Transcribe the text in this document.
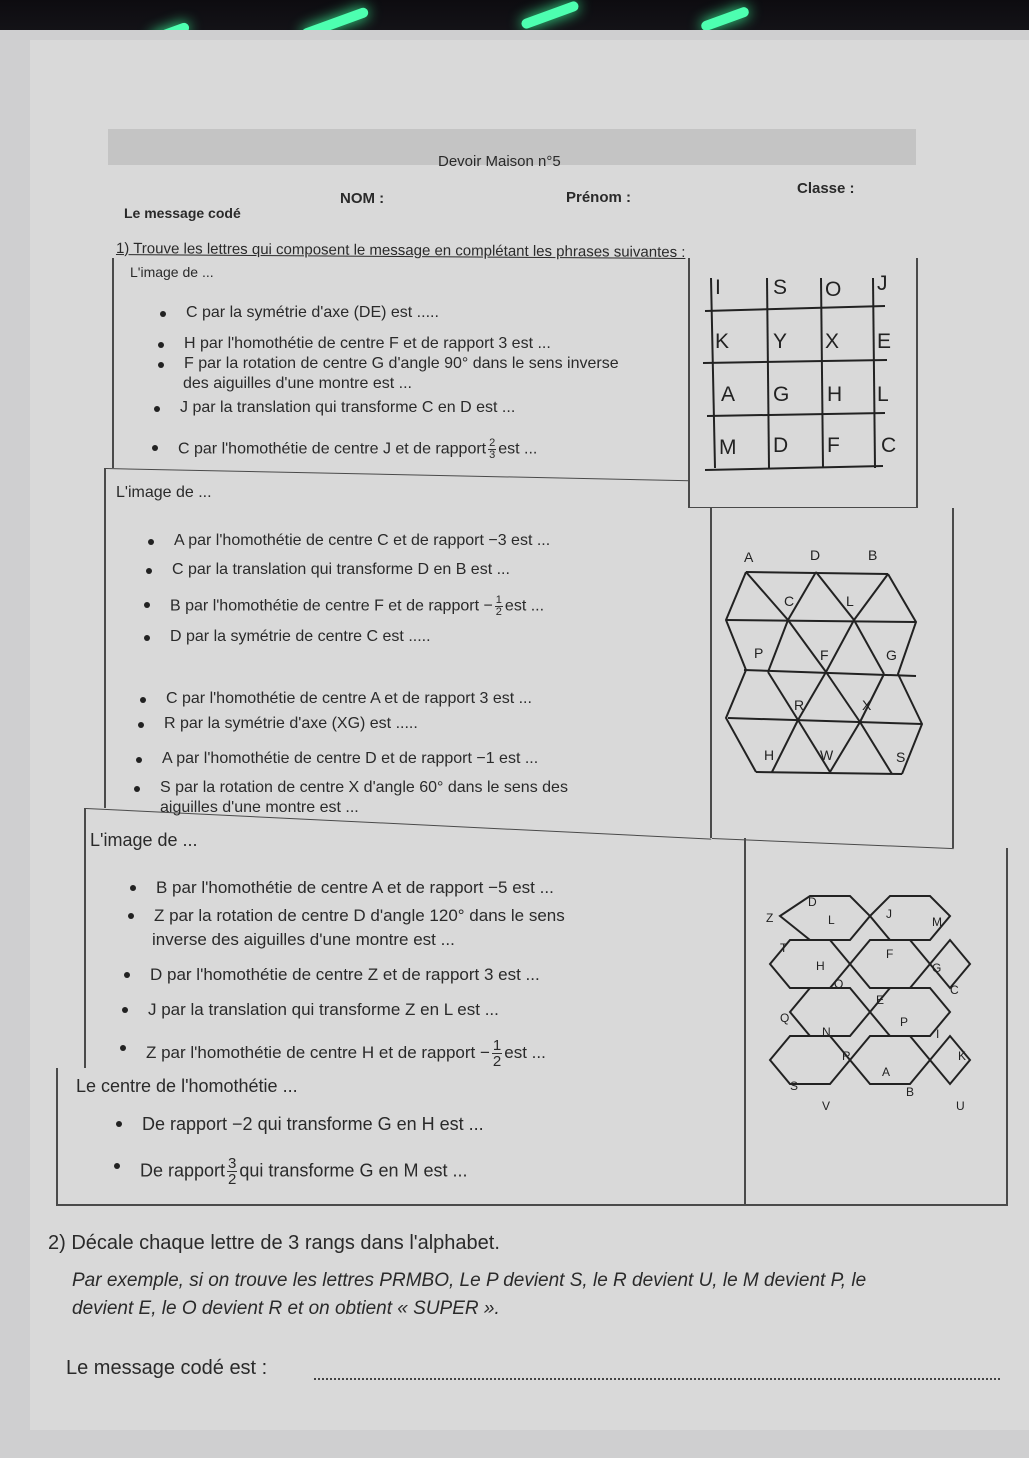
Devoir Maison n°5
NOM :	Prénom :
Classe :
Le message codé
1) Trouve les lettres qui composent le message en complétant les phrases suivantes :
L'image de ...
C par la symétrie d'axe (DE) est .....
H par l'homothétie de centre F et de rapport 3 est ...
F par la rotation de centre G d'angle 90° dans le sens inverse
des aiguilles d'une montre est ...
J par la translation qui transforme C en D est ...
C par l'homothétie de centre J et de rapport $\frac{2}{3}$ est ...
I S O J
K Y X E
A G H L
M D F C
L'image de ...
A par l'homothétie de centre C et de rapport −3 est ...
C par la translation qui transforme D en B est ...
B par l'homothétie de centre F et de rapport − $\frac{1}{2}$ est ...
D par la symétrie de centre C est .....
C par l'homothétie de centre A et de rapport 3 est ...
R par la symétrie d'axe (XG) est .....
A par l'homothétie de centre D et de rapport −1 est ...
S par la rotation de centre X d'angle 60° dans le sens des
aiguilles d'une montre est ...
A	D	B
C	L
P	F	G
R	X
H	W	S
L'image de ...
B par l'homothétie de centre A et de rapport −5 est ...
Z par la rotation de centre D d'angle 120° dans le sens
inverse des aiguilles d'une montre est ...
D par l'homothétie de centre Z et de rapport 3 est ...
J par la translation qui transforme Z en L est ...
Z par l'homothétie de centre H et de rapport − $\frac{1}{2}$ est ...
Le centre de l'homothétie ...
De rapport −2 qui transforme G en H est ...
De rapport $\frac{3}{2}$ qui transforme G en M est ...
D
Z	L	J
M
T
H
F
G
O	C
E
Q	P
N
R	K
A
S	B
V	U
I
2) Décale chaque lettre de 3 rangs dans l'alphabet.
Par exemple, si on trouve les lettres PRMBO, Le P devient S, le R devient U, le M devient P, le
devient E, le O devient R et on obtient « SUPER ».
Le message codé est :
